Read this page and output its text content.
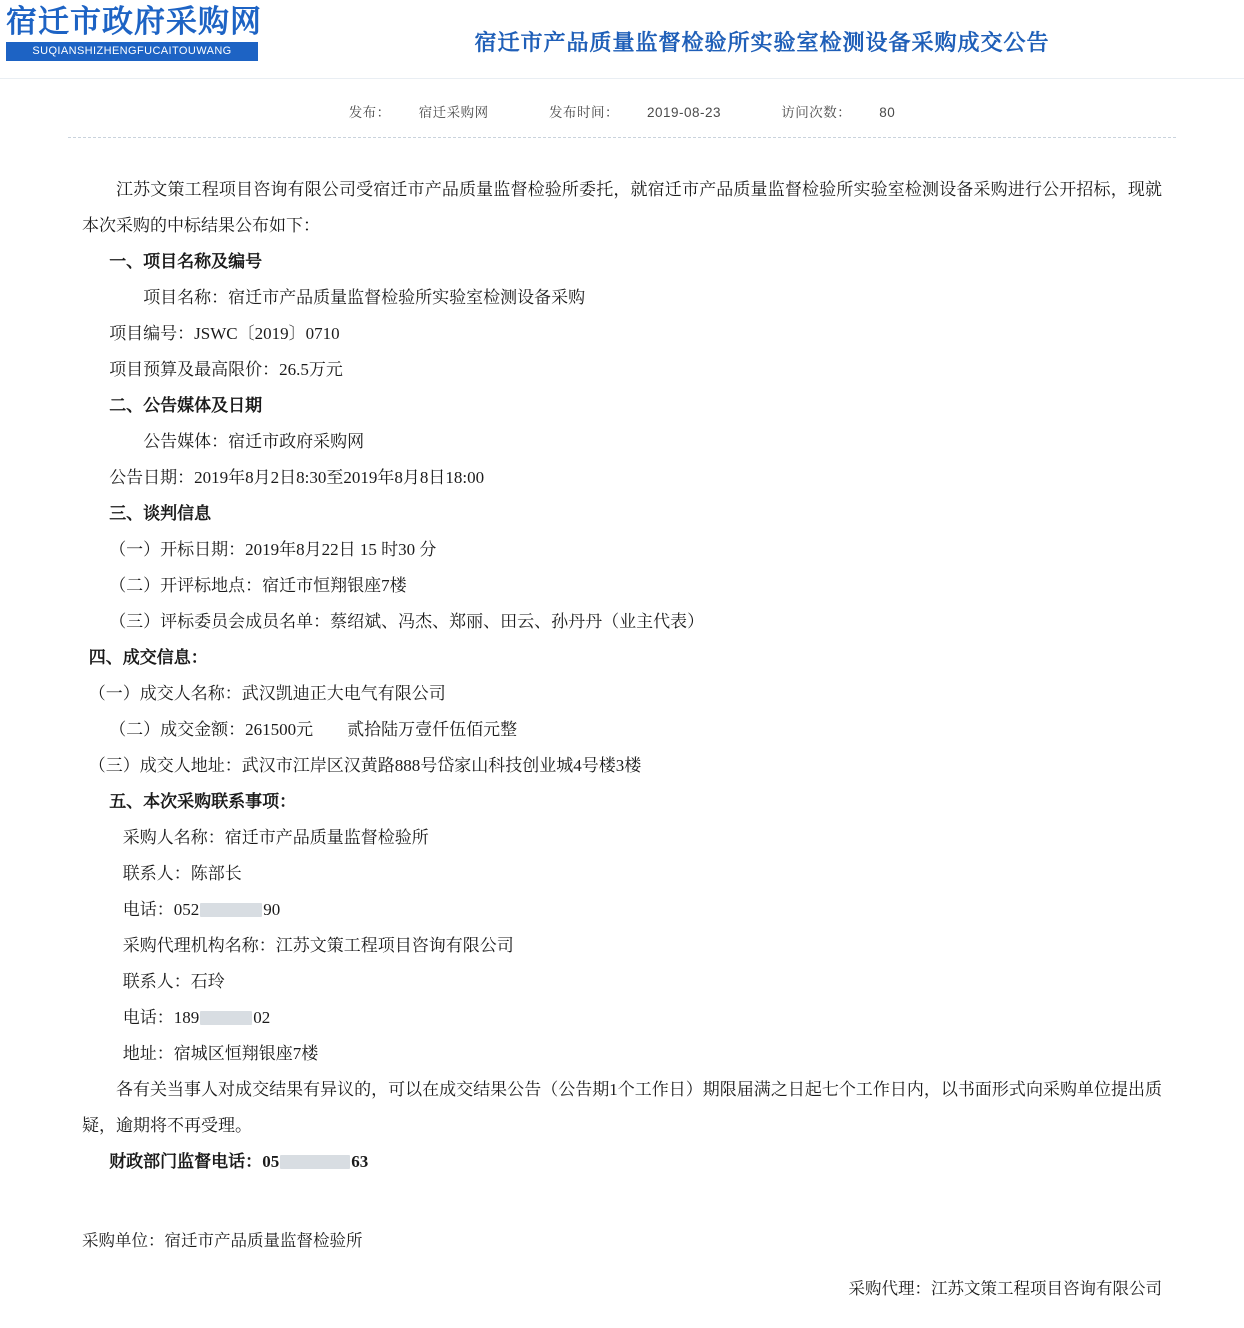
宿迁市政府采购网
SUQIANSHIZHENGFUCAITOUWANG	宿迁市产品质量监督检验所实验室检测设备采购成交公告
发布： 宿迁采购网	发布时间： 2019-08-23	访问次数： 80

江苏文策工程项目咨询有限公司受宿迁市产品质量监督检验所委托，就宿迁市产品质量监督检验所实验室检测设备采购进行公开招标，现就本次采购的中标结果公布如下：

一、项目名称及编号

项目名称：宿迁市产品质量监督检验所实验室检测设备采购

项目编号：JSWC〔2019〕0710

项目预算及最高限价：26.5万元

二、公告媒体及日期

公告媒体：宿迁市政府采购网

公告日期：2019年8月2日8:30至2019年8月8日18:00

三、谈判信息

（一）开标日期：2019年8月22日 15 时30 分

（二）开评标地点：宿迁市恒翔银座7楼

（三）评标委员会成员名单：蔡绍斌、冯杰、郑丽、田云、孙丹丹（业主代表）

四、成交信息：

（一）成交人名称：武汉凯迪正大电气有限公司

（二）成交金额：261500元　　贰拾陆万壹仟伍佰元整

（三）成交人地址：武汉市江岸区汉黄路888号岱家山科技创业城4号楼3楼

五、本次采购联系事项：

采购人名称：宿迁市产品质量监督检验所

联系人：陈部长

电话：052	90

采购代理机构名称：江苏文策工程项目咨询有限公司

联系人：石玲

电话：189	02

地址：宿城区恒翔银座7楼

各有关当事人对成交结果有异议的，可以在成交结果公告（公告期1个工作日）期限届满之日起七个工作日内，以书面形式向采购单位提出质疑，逾期将不再受理。

财政部门监督电话：05	63

采购单位：宿迁市产品质量监督检验所
采购代理：江苏文策工程项目咨询有限公司
